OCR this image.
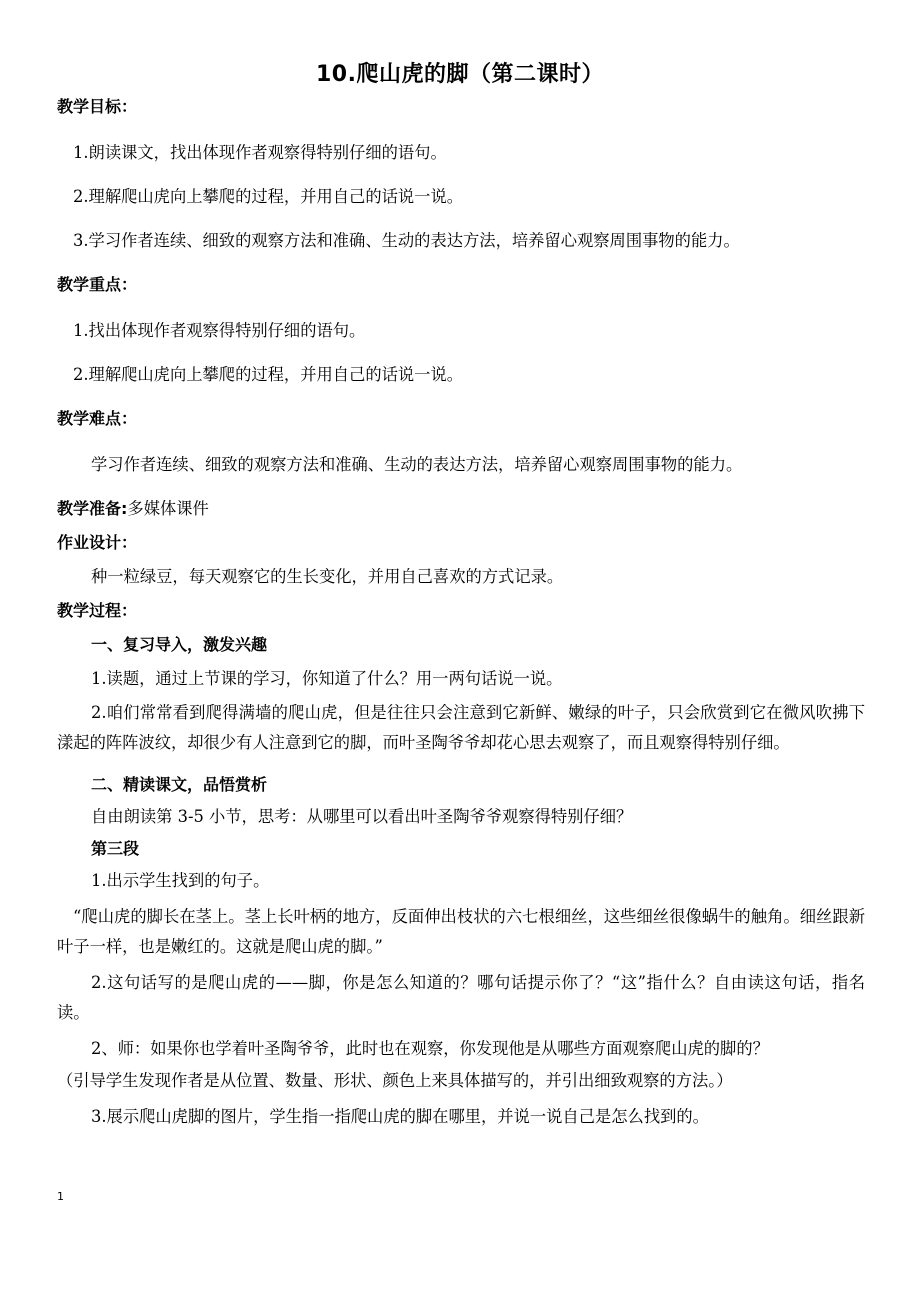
10.爬山虎的脚（第二课时）
教学目标：
1.朗读课文，找出体现作者观察得特别仔细的语句。
2.理解爬山虎向上攀爬的过程，并用自己的话说一说。
3.学习作者连续、细致的观察方法和准确、生动的表达方法，培养留心观察周围事物的能力。
教学重点：
1.找出体现作者观察得特别仔细的语句。
2.理解爬山虎向上攀爬的过程，并用自己的话说一说。
教学难点：
学习作者连续、细致的观察方法和准确、生动的表达方法，培养留心观察周围事物的能力。
教学准备:多媒体课件
作业设计：
种一粒绿豆，每天观察它的生长变化，并用自己喜欢的方式记录。
教学过程：
一、复习导入，激发兴趣
1.读题，通过上节课的学习，你知道了什么？用一两句话说一说。
2.咱们常常看到爬得满墙的爬山虎，但是往往只会注意到它新鲜、嫩绿的叶子，只会欣赏到它在微风吹拂下漾起的阵阵波纹，却很少有人注意到它的脚，而叶圣陶爷爷却花心思去观察了，而且观察得特别仔细。
二、精读课文，品悟赏析
自由朗读第 3-5 小节，思考：从哪里可以看出叶圣陶爷爷观察得特别仔细？
第三段
1.出示学生找到的句子。
“爬山虎的脚长在茎上。茎上长叶柄的地方，反面伸出枝状的六七根细丝，这些细丝很像蜗牛的触角。细丝跟新叶子一样，也是嫩红的。这就是爬山虎的脚。”
2.这句话写的是爬山虎的——脚，你是怎么知道的？哪句话提示你了？“这”指什么？自由读这句话，指名读。
2、师：如果你也学着叶圣陶爷爷，此时也在观察，你发现他是从哪些方面观察爬山虎的脚的？
（引导学生发现作者是从位置、数量、形状、颜色上来具体描写的，并引出细致观察的方法。）
3.展示爬山虎脚的图片，学生指一指爬山虎的脚在哪里，并说一说自己是怎么找到的。
1
